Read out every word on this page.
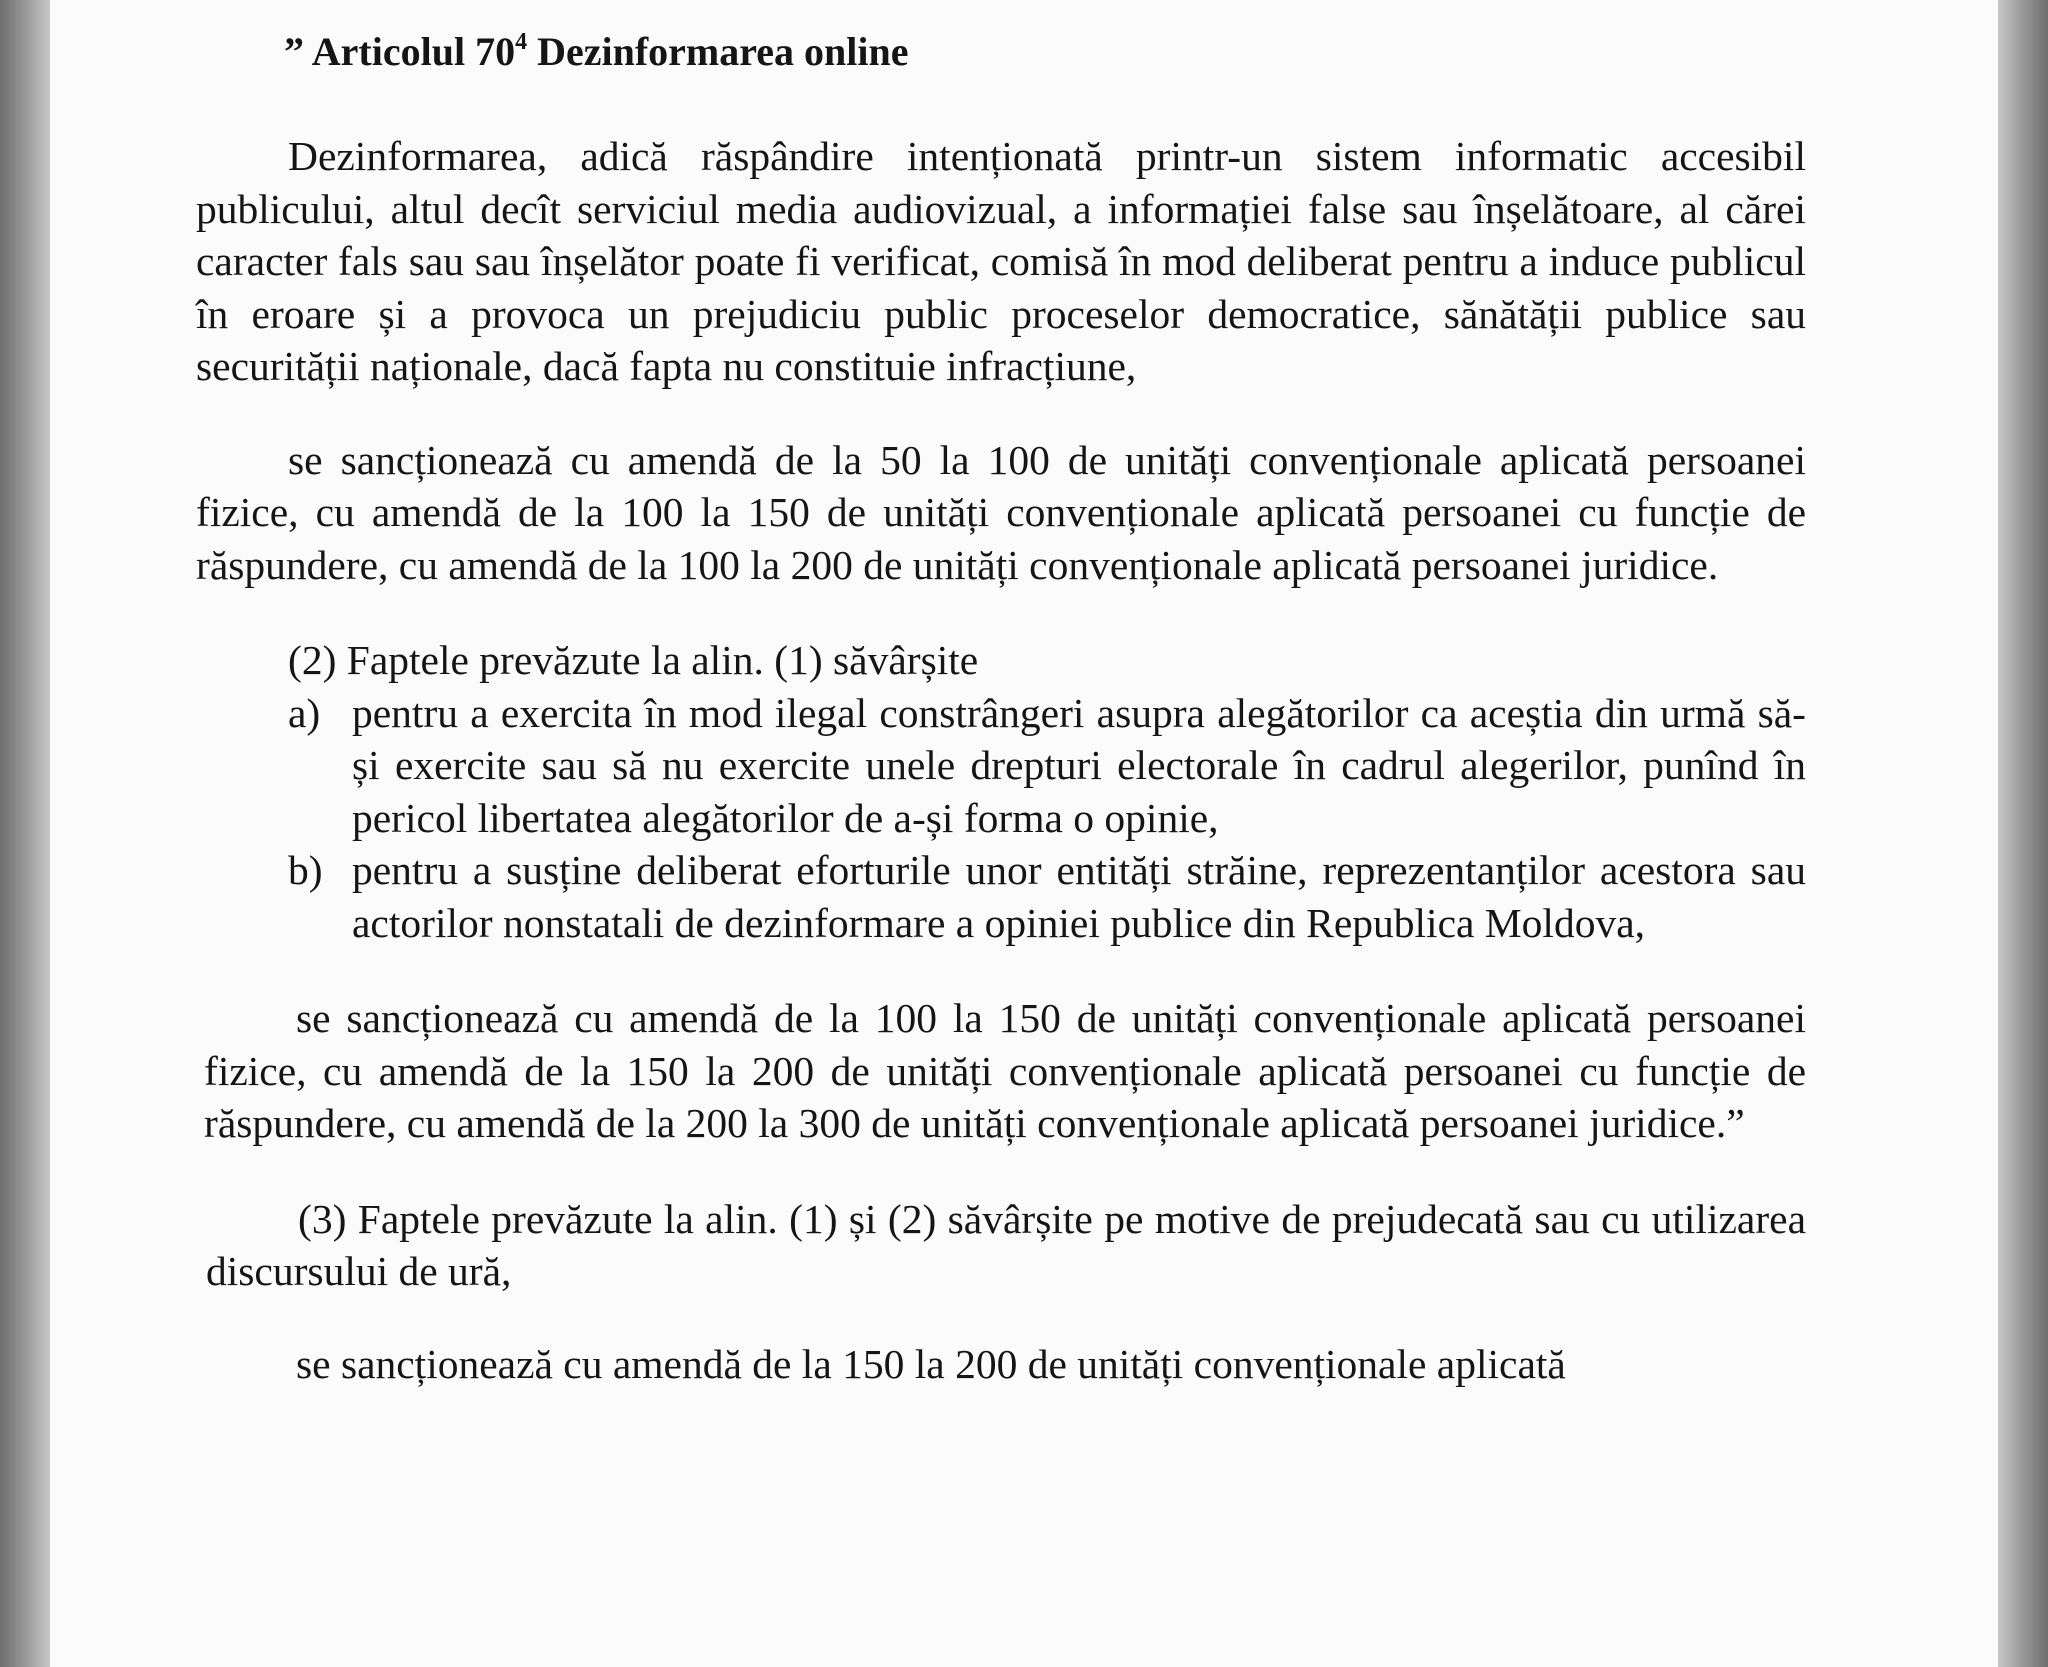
” Articolul $70^4$ Dezinformarea online

Dezinformarea, adică răspândire intenționată printr-un sistem informatic accesibil publicului, altul decît serviciul media audiovizual, a informației false sau înșelătoare, al cărei caracter fals sau sau înșelător poate fi verificat, comisă în mod deliberat pentru a induce publicul în eroare și a provoca un prejudiciu public proceselor democratice, sănătății publice sau securității naționale, dacă fapta nu constituie infracțiune,

se sancționează cu amendă de la 50 la 100 de unități convenționale aplicată persoanei fizice, cu amendă de la 100 la 150 de unități convenționale aplicată persoanei cu funcție de răspundere, cu amendă de la 100 la 200 de unități convenționale aplicată persoanei juridice.

(2) Faptele prevăzute la alin. (1) săvârșite

a) pentru a exercita în mod ilegal constrângeri asupra alegătorilor ca aceștia din urmă să-și exercite sau să nu exercite unele drepturi electorale în cadrul alegerilor, punînd în pericol libertatea alegătorilor de a-și forma o opinie,
b) pentru a susține deliberat eforturile unor entități străine, reprezentanților acestora sau actorilor nonstatali de dezinformare a opiniei publice din Republica Moldova,

se sancționează cu amendă de la 100 la 150 de unități convenționale aplicată persoanei fizice, cu amendă de la 150 la 200 de unități convenționale aplicată persoanei cu funcție de răspundere, cu amendă de la 200 la 300 de unități convenționale aplicată persoanei juridice.”

(3) Faptele prevăzute la alin. (1) și (2) săvârșite pe motive de prejudecată sau cu utilizarea discursului de ură,

se sancționează cu amendă de la 150 la 200 de unități convenționale aplicată
